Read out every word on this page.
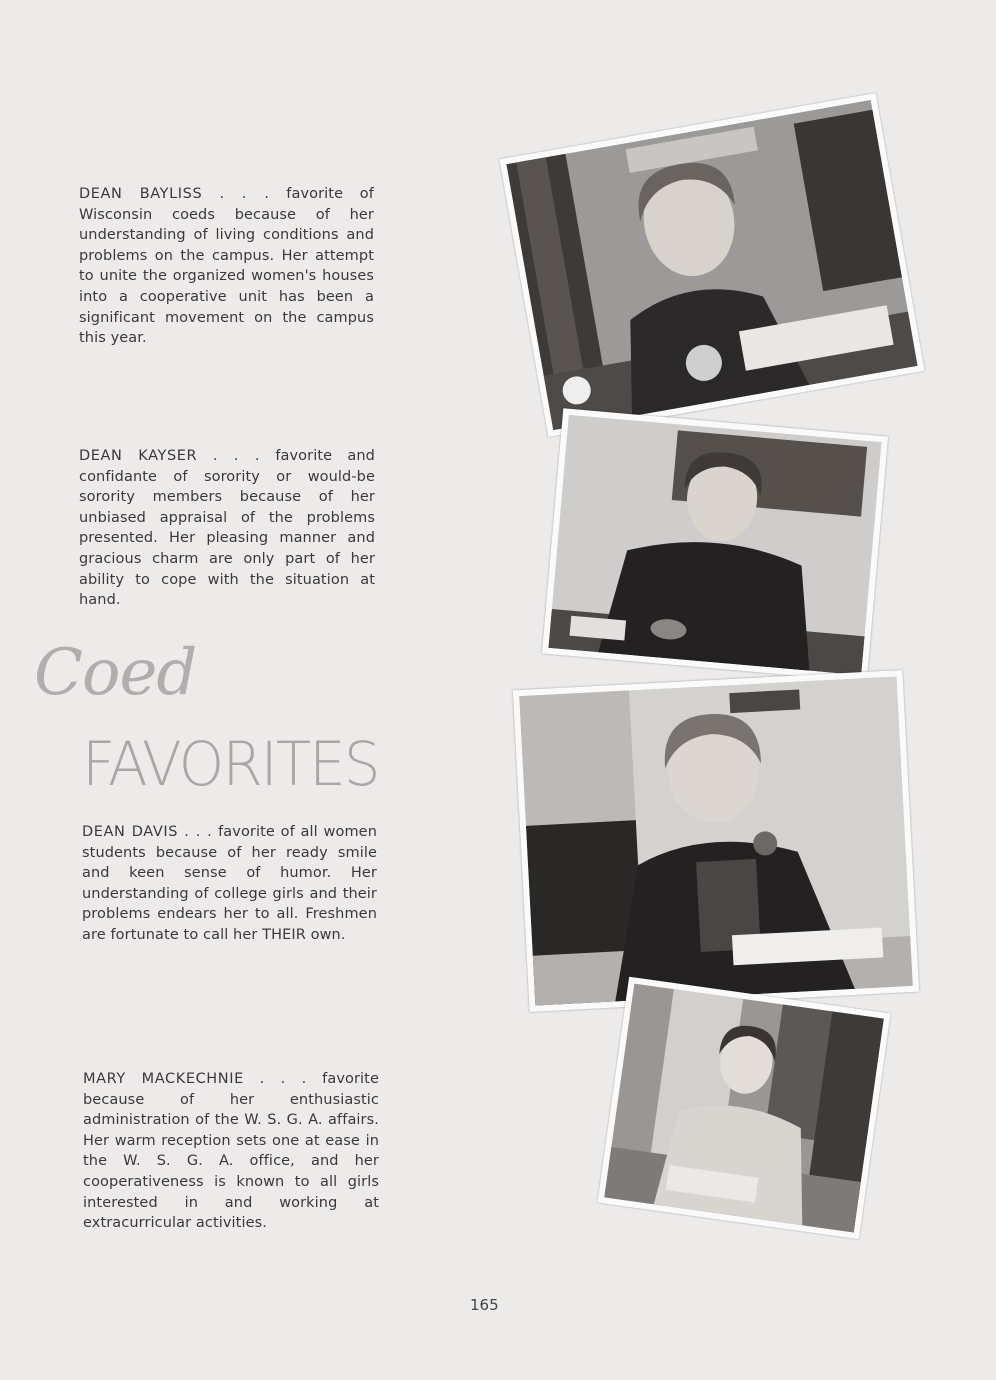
DEAN BAYLISS . . . favorite of Wisconsin coeds because of her understanding of living conditions and problems on the campus. Her attempt to unite the organized women's houses into a cooperative unit has been a significant movement on the campus this year.
DEAN KAYSER . . . favorite and confidante of sorority or would-be sorority members because of her unbiased appraisal of the problems presented. Her pleasing manner and gracious charm are only part of her ability to cope with the situation at hand.
Coed
FAVORITES
DEAN DAVIS . . . favorite of all women students because of her ready smile and keen sense of humor. Her understanding of college girls and their problems endears her to all. Freshmen are fortunate to call her THEIR own.
MARY MACKECHNIE . . . favorite because of her enthusiastic administration of the W. S. G. A. affairs. Her warm reception sets one at ease in the W. S. G. A. office, and her cooperativeness is known to all girls interested in and working at extracurricular activities.
165
